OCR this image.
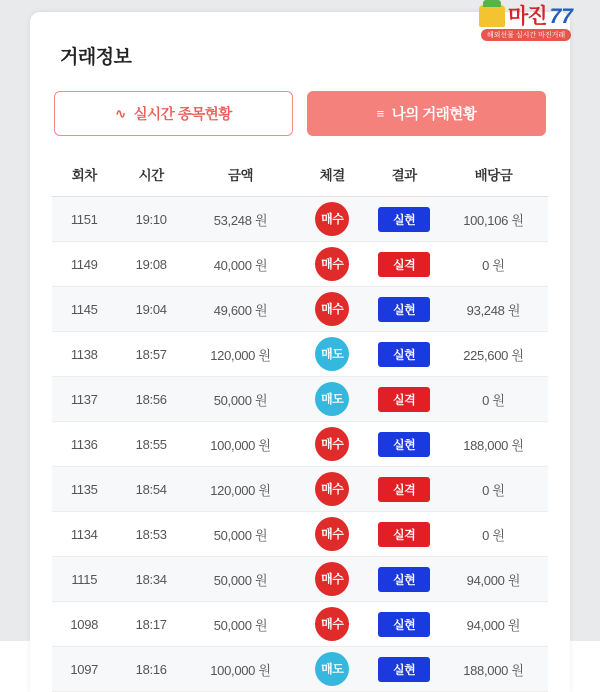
마진 77
해외선물 실시간 마진거래
거래정보
∿ 실시간 종목현황	≡ 나의 거래현황
회차	시간	금액	체결	결과	배당금
1151	19:10	53,248 원	매수	실현	100,106 원
1149	19:08	40,000 원	매수	실격	0 원
1145	19:04	49,600 원	매수	실현	93,248 원
1138	18:57	120,000 원	매도	실현	225,600 원
1137	18:56	50,000 원	매도	실격	0 원
1136	18:55	100,000 원	매수	실현	188,000 원
1135	18:54	120,000 원	매수	실격	0 원
1134	18:53	50,000 원	매수	실격	0 원
1115	18:34	50,000 원	매수	실현	94,000 원
1098	18:17	50,000 원	매수	실현	94,000 원
1097	18:16	100,000 원	매도	실현	188,000 원
